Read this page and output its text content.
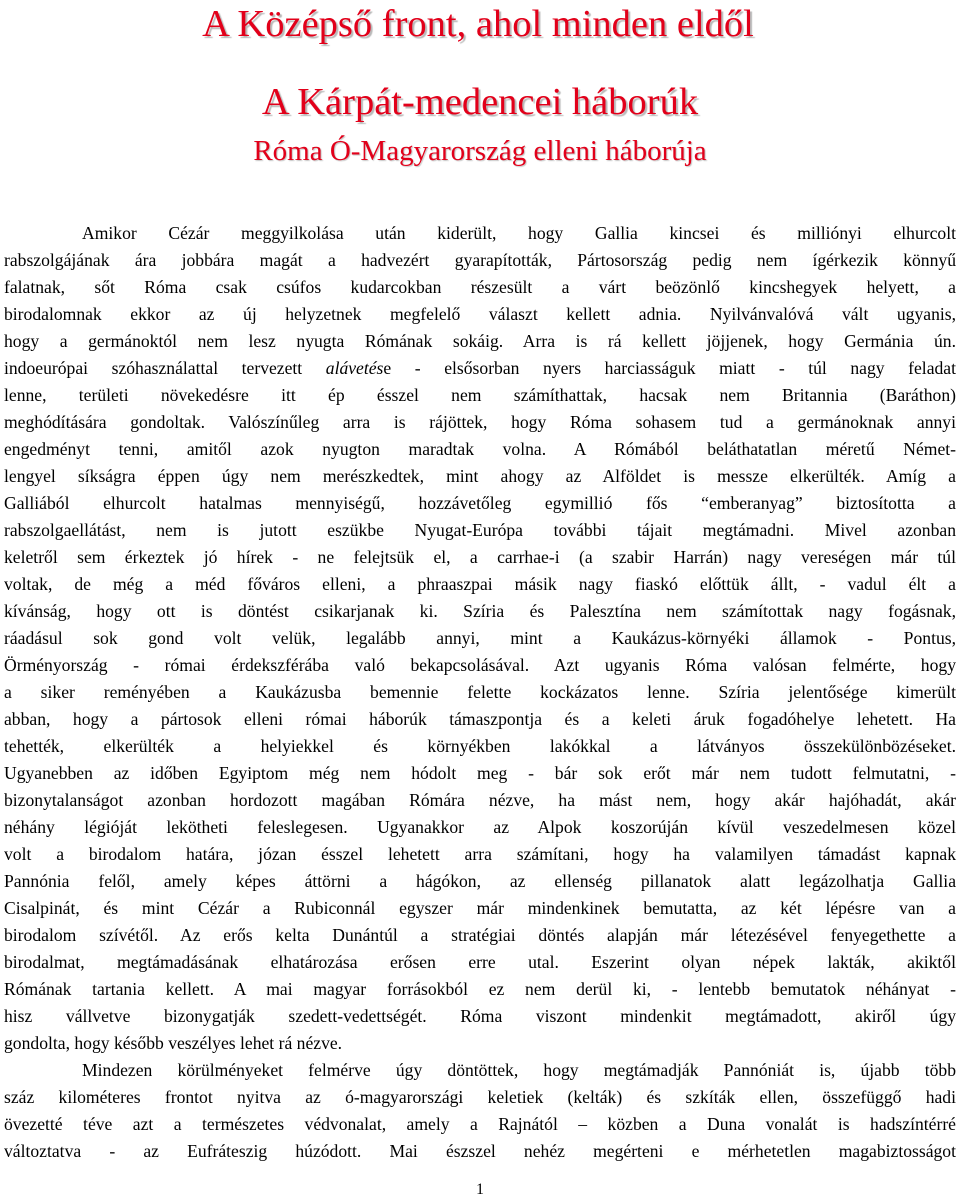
A Középső front, ahol minden eldől
A Kárpát-medencei háborúk
Róma Ó-Magyarország elleni háborúja
Amikor Cézár meggyilkolása után kiderült, hogy Gallia kincsei és milliónyi elhurcolt
rabszolgájának ára jobbára magát a hadvezért gyarapították, Pártosország pedig nem ígérkezik könnyű
falatnak, sőt Róma csak csúfos kudarcokban részesült a várt beözönlő kincshegyek helyett, a
birodalomnak ekkor az új helyzetnek megfelelő választ kellett adnia. Nyilvánvalóvá vált ugyanis,
hogy a germánoktól nem lesz nyugta Rómának sokáig. Arra is rá kellett jöjjenek, hogy Germánia ún.
indoeurópai szóhasználattal tervezett alávetése - elsősorban nyers harciasságuk miatt - túl nagy feladat
lenne, területi növekedésre itt ép ésszel nem számíthattak, hacsak nem Britannia (Baráthon)
meghódítására gondoltak. Valószínűleg arra is rájöttek, hogy Róma sohasem tud a germánoknak annyi
engedményt tenni, amitől azok nyugton maradtak volna. A Rómából beláthatatlan méretű Német-
lengyel síkságra éppen úgy nem merészkedtek, mint ahogy az Alföldet is messze elkerülték. Amíg a
Galliából elhurcolt hatalmas mennyiségű, hozzávetőleg egymillió fős “emberanyag” biztosította a
rabszolgaellátást, nem is jutott eszükbe Nyugat-Európa további tájait megtámadni. Mivel azonban
keletről sem érkeztek jó hírek - ne felejtsük el, a carrhae-i (a szabir Harrán) nagy vereségen már túl
voltak, de még a méd főváros elleni, a phraaszpai másik nagy fiaskó előttük állt, - vadul élt a
kívánság, hogy ott is döntést csikarjanak ki. Szíria és Palesztína nem számítottak nagy fogásnak,
ráadásul sok gond volt velük, legalább annyi, mint a Kaukázus-környéki államok - Pontus,
Örményország - római érdekszférába való bekapcsolásával. Azt ugyanis Róma valósan felmérte, hogy
a siker reményében a Kaukázusba bemennie felette kockázatos lenne. Szíria jelentősége kimerült
abban, hogy a pártosok elleni római háborúk támaszpontja és a keleti áruk fogadóhelye lehetett. Ha
tehették, elkerülték a helyiekkel és környékben lakókkal a látványos összekülönbözéseket.
Ugyanebben az időben Egyiptom még nem hódolt meg - bár sok erőt már nem tudott felmutatni, -
bizonytalanságot azonban hordozott magában Rómára nézve, ha mást nem, hogy akár hajóhadát, akár
néhány légióját lekötheti feleslegesen. Ugyanakkor az Alpok koszorúján kívül veszedelmesen közel
volt a birodalom határa, józan ésszel lehetett arra számítani, hogy ha valamilyen támadást kapnak
Pannónia felől, amely képes áttörni a hágókon, az ellenség pillanatok alatt legázolhatja Gallia
Cisalpinát, és mint Cézár a Rubiconnál egyszer már mindenkinek bemutatta, az két lépésre van a
birodalom szívétől. Az erős kelta Dunántúl a stratégiai döntés alapján már létezésével fenyegethette a
birodalmat, megtámadásának elhatározása erősen erre utal. Eszerint olyan népek lakták, akiktől
Rómának tartania kellett. A mai magyar forrásokból ez nem derül ki, - lentebb bemutatok néhányat -
hisz vállvetve bizonygatják szedett-vedettségét. Róma viszont mindenkit megtámadott, akiről úgy
gondolta, hogy később veszélyes lehet rá nézve.
Mindezen körülményeket felmérve úgy döntöttek, hogy megtámadják Pannóniát is, újabb több
száz kilométeres frontot nyitva az ó-magyarországi keletiek (kelták) és szkíták ellen, összefüggő hadi
övezetté téve azt a természetes védvonalat, amely a Rajnától – közben a Duna vonalát is hadszíntérré
változtatva - az Eufráteszig húzódott. Mai észszel nehéz megérteni e mérhetetlen magabiztosságot
1
